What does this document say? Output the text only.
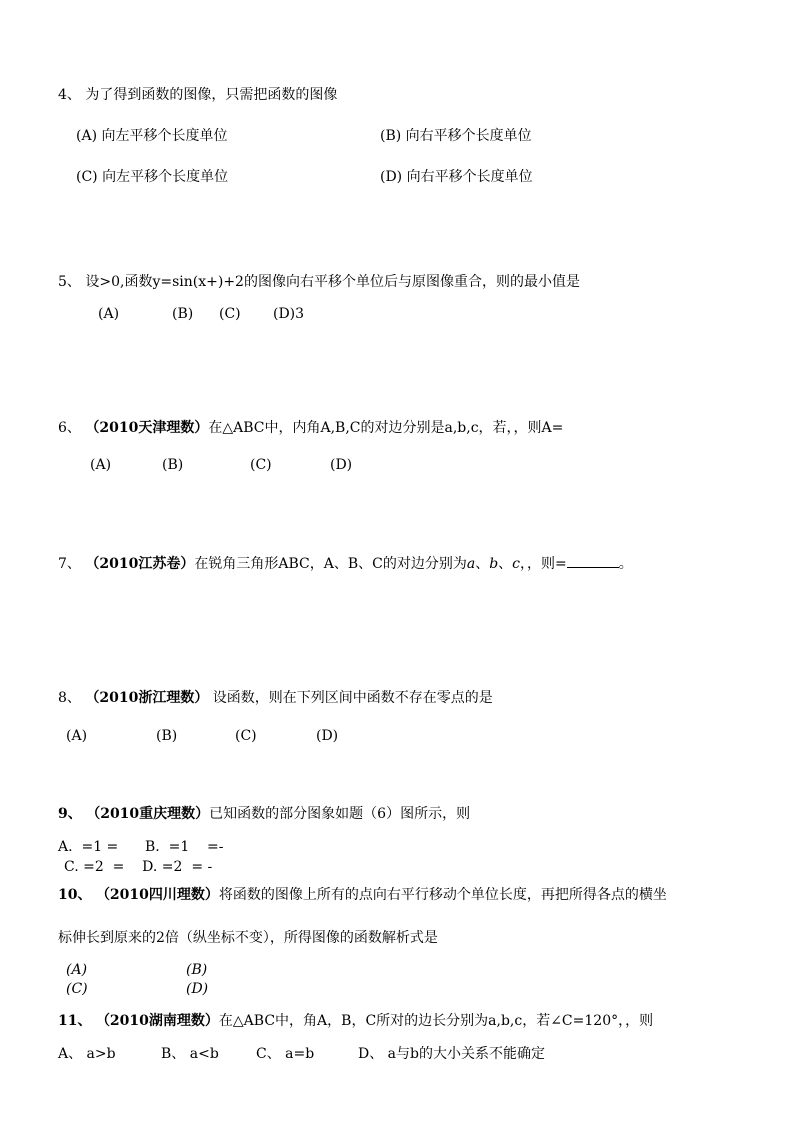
4、 为了得到函数的图像，只需把函数的图像
(A) 向左平移个长度单位	(B) 向右平移个长度单位
(C) 向左平移个长度单位	(D) 向右平移个长度单位
5、 设>0,函数y=sin(x+)+2的图像向右平移个单位后与原图像重合，则的最小值是
(A)	(B) (C) (D)3
6、 （2010天津理数）在△ABC中，内角A,B,C的对边分别是a,b,c，若，，则A=
(A)	(B)	(C)	(D)
7、 （2010江苏卷）在锐角三角形ABC，A、B、C的对边分别为a、b、c，，则=	。
8、 （2010浙江理数） 设函数，则在下列区间中函数不存在零点的是
(A)	(B)	(C)	(D)
9、 （2010重庆理数）已知函数的部分图象如题（6）图所示，则
A.  =1 =      B.  =1    =-
C. =2  =    D. =2  = -
10、 （2010四川理数）将函数的图像上所有的点向右平行移动个单位长度，再把所得各点的横坐
标伸长到原来的2倍（纵坐标不变），所得图像的函数解析式是
(A)	(B)
(C)	(D)
11、 （2010湖南理数）在△ABC中，角A，B，C所对的边长分别为a,b,c，若∠C=120°，，则
A、 a>b	B、 a<b	C、 a=b	D、 a与b的大小关系不能确定
